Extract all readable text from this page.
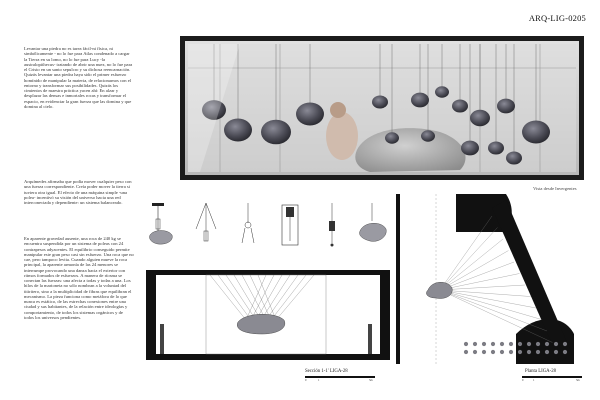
ARQ-LIG-0205

Levantar una piedra no es tarea fácil-ni física, ni simbólicamente - no lo fue para Atlas condenado a cargar la Tierra en su lomo, no lo fue para Lucy -la australopithecus- tratando de abrir una nuez, no lo fue para el Cristo en un santo sepulcro y su dichosa reencarnación. Quizás levantar una piedra haya sido el primer esfuerzo homínido de manipular la materia, de relacionarnos con el entorno y transformar sus posibilidades. Quizás los cimientos de maestra práctica yacen ahí: En alzar y desplazar las densas e inmortales rocas y transformar el espacio, en evidenciar la gran fuerza que las domina y que domina al cielo.

Arquímedes afirmaba que podía mover cualquier peso con una fuerza correspondiente. Creía poder mover la tierra si tuviera otra igual. El efecto de una máquina simple -una polea- incentivó su visión del universo hacia una red interconectada y dependiente: un sistema balanceado.

En aparente gravedad ausente, una roca de 240 kg se encuentra suspendida por un sistema de poleas con 24 contrapesos adyacentes. El equilibrio conseguido permite manipular este gran peso casi sin esfuerzo. Una roca que no cae, pero tampoco levita. Cuando alguien mueve la roca principal, la aparente armonía de las 24 menores se interrumpe provocando una danza hacia el exterior con ritmos formados de esfuerzos. A manera de ríosma se conectan las fuerzas: una afecta a todas y todas a una. Los hilos de la marioneta no sólo nombran a la voluntad del titiritero, sino a la multiplicidad de fibras que equilibran el mecanismo. La pieza funciona como metáfora de lo que nunca es estático, de las estrechas conexiones entre una ciudad y sus habitantes, de la relación entre ideologías y comportamiento, de todos los sistemas orgánicos y de todos los universos pendientes.

Vista desde Invergentes
Sección 1-1' LIGA-28
0	1	5m
Planta LIGA-28
0	1	5m
